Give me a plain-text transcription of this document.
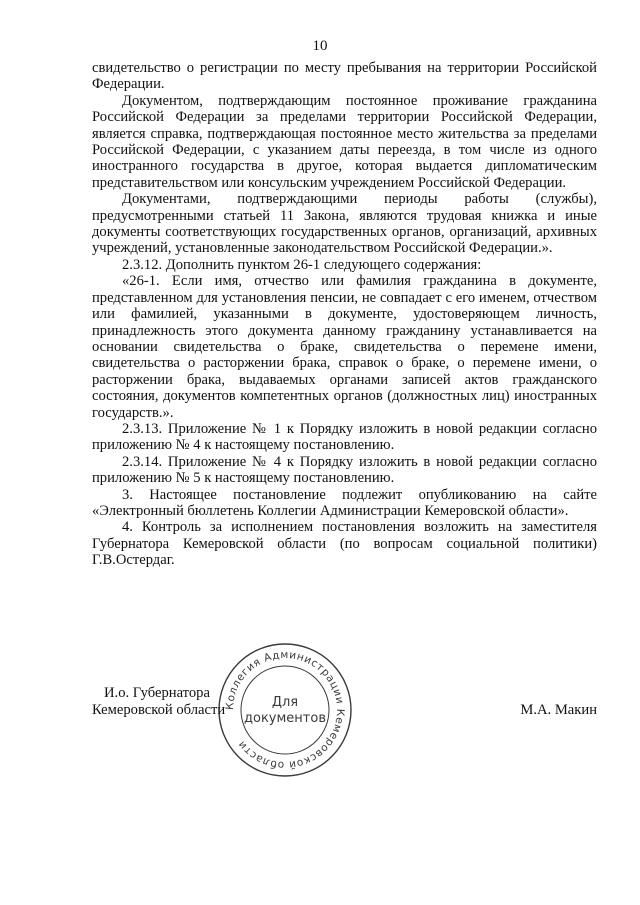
10

свидетельство о регистрации по месту пребывания на территории Российской Федерации.

Документом, подтверждающим постоянное проживание гражданина Российской Федерации за пределами территории Российской Федерации, является справка, подтверждающая постоянное место жительства за пределами Российской Федерации, с указанием даты переезда, в том числе из одного иностранного государства в другое, которая выдается дипломатическим представительством или консульским учреждением Российской Федерации.

Документами, подтверждающими периоды работы (службы), предусмотренными статьей 11 Закона, являются трудовая книжка и иные документы соответствующих государственных органов, организаций, архивных учреждений, установленные законодательством Российской Федерации.».

2.3.12. Дополнить пунктом 26-1 следующего содержания:

«26-1. Если имя, отчество или фамилия гражданина в документе, представленном для установления пенсии, не совпадает с его именем, отчеством или фамилией, указанными в документе, удостоверяющем личность, принадлежность этого документа данному гражданину устанавливается на основании свидетельства о браке, свидетельства о перемене имени, свидетельства о расторжении брака, справок о браке, о перемене имени, о расторжении брака, выдаваемых органами записей актов гражданского состояния, документов компетентных органов (должностных лиц) иностранных государств.».

2.3.13. Приложение № 1 к Порядку изложить в новой редакции согласно приложению № 4 к настоящему постановлению.

2.3.14. Приложение № 4 к Порядку изложить в новой редакции согласно приложению № 5 к настоящему постановлению.

3. Настоящее постановление подлежит опубликованию на сайте «Электронный бюллетень Коллегии Администрации Кемеровской области».

4. Контроль за исполнением постановления возложить на заместителя Губернатора Кемеровской области (по вопросам социальной политики) Г.В.Остердаг.

Коллегия Администрации Кемеровской области
Для
документов
И.о. Губернатора
Кемеровской области	М.А. Макин
